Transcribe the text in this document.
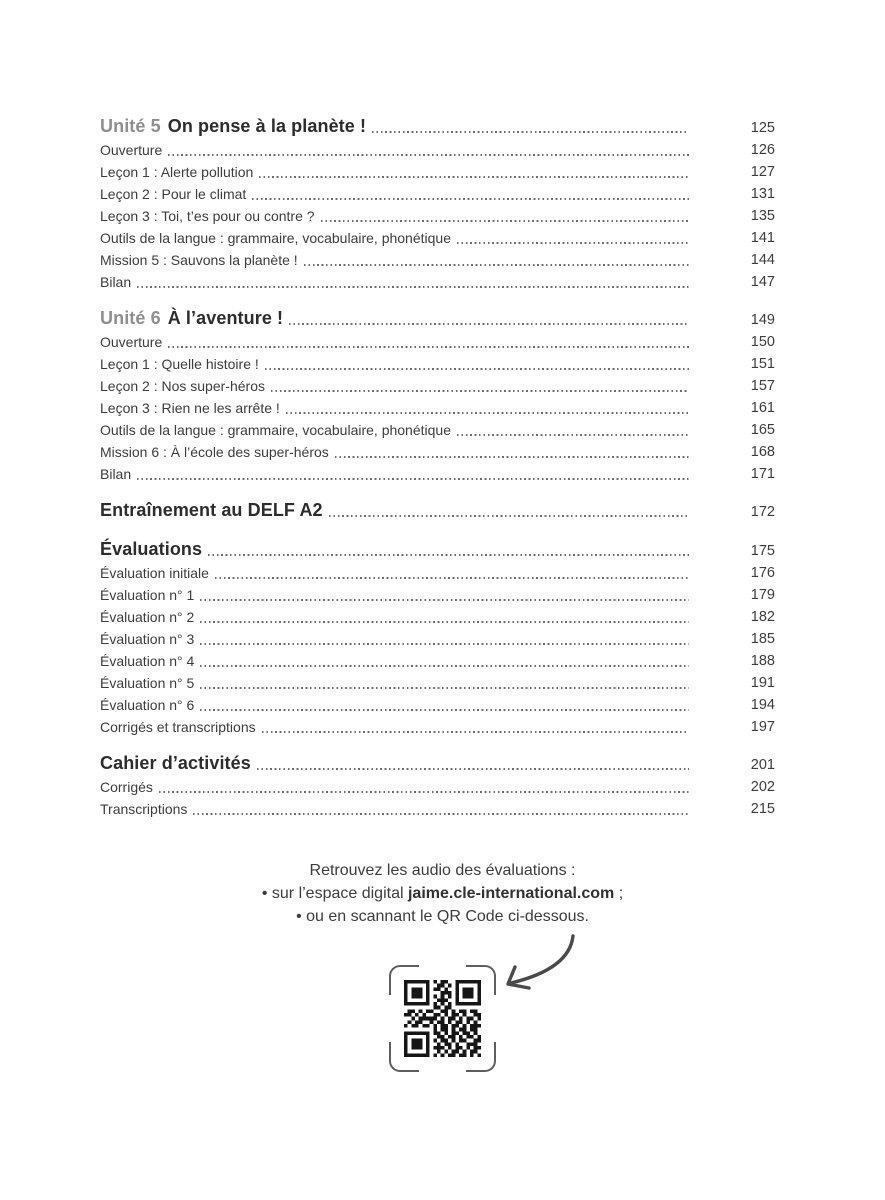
Unité 5 On pense à la planète !	125
Ouverture	126
Leçon 1 : Alerte pollution	127
Leçon 2 : Pour le climat	131
Leçon 3 : Toi, t’es pour ou contre ?	135
Outils de la langue : grammaire, vocabulaire, phonétique	141
Mission 5 : Sauvons la planète !	144
Bilan	147
Unité 6 À l’aventure !	149
Ouverture	150
Leçon 1 : Quelle histoire !	151
Leçon 2 : Nos super-héros	157
Leçon 3 : Rien ne les arrête !	161
Outils de la langue : grammaire, vocabulaire, phonétique	165
Mission 6 : À l’école des super-héros	168
Bilan	171
Entraînement au DELF A2	172
Évaluations	175
Évaluation initiale	176
Évaluation n° 1	179
Évaluation n° 2	182
Évaluation n° 3	185
Évaluation n° 4	188
Évaluation n° 5	191
Évaluation n° 6	194
Corrigés et transcriptions	197
Cahier d’activités	201
Corrigés	202
Transcriptions	215
Retrouvez les audio des évaluations :
• sur l’espace digital jaime.cle-international.com ;
• ou en scannant le QR Code ci-dessous.
